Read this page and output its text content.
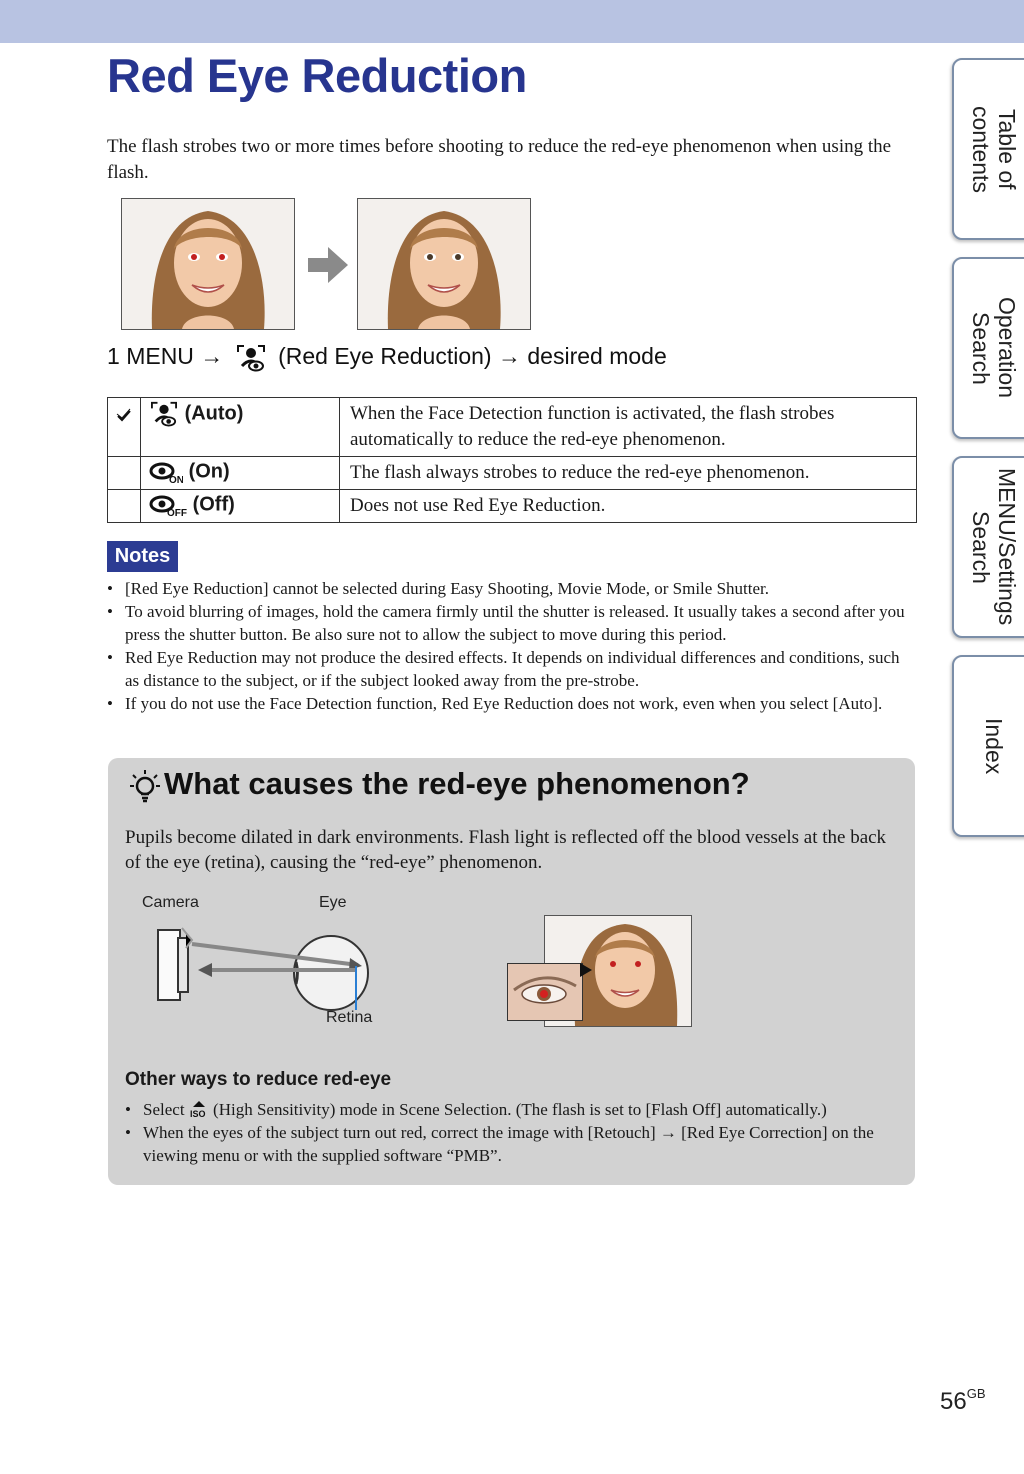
Red Eye Reduction

The flash strobes two or more times before shooting to reduce the red-eye phenomenon when using the flash.

1 MENU → (Red Eye Reduction) → desired mode
	(Auto)	When the Face Detection function is activated, the flash strobes automatically to reduce the red-eye phenomenon.

ON (On)	The flash always strobes to reduce the red-eye phenomenon.

OFF (Off)	Does not use Red Eye Reduction.
Notes
• [Red Eye Reduction] cannot be selected during Easy Shooting, Movie Mode, or Smile Shutter.
• To avoid blurring of images, hold the camera firmly until the shutter is released. It usually takes a second after you press the shutter button. Be also sure not to allow the subject to move during this period.
• Red Eye Reduction may not produce the desired effects. It depends on individual differences and conditions, such as distance to the subject, or if the subject looked away from the pre-strobe.
• If you do not use the Face Detection function, Red Eye Reduction does not work, even when you select [Auto].
What causes the red-eye phenomenon?

Pupils become dilated in dark environments. Flash light is reflected off the blood vessels at the back of the eye (retina), causing the “red-eye” phenomenon.

Camera	Eye
Retina
Other ways to reduce red-eye
• Select ISO (High Sensitivity) mode in Scene Selection. (The flash is set to [Flash Off] automatically.)
• When the eyes of the subject turn out red, correct the image with [Retouch] → [Red Eye Correction] on the viewing menu or with the supplied software “PMB”.
Table of
contents
Operation
Search
MENU/Settings
Search
Index
$56^{GB}$
